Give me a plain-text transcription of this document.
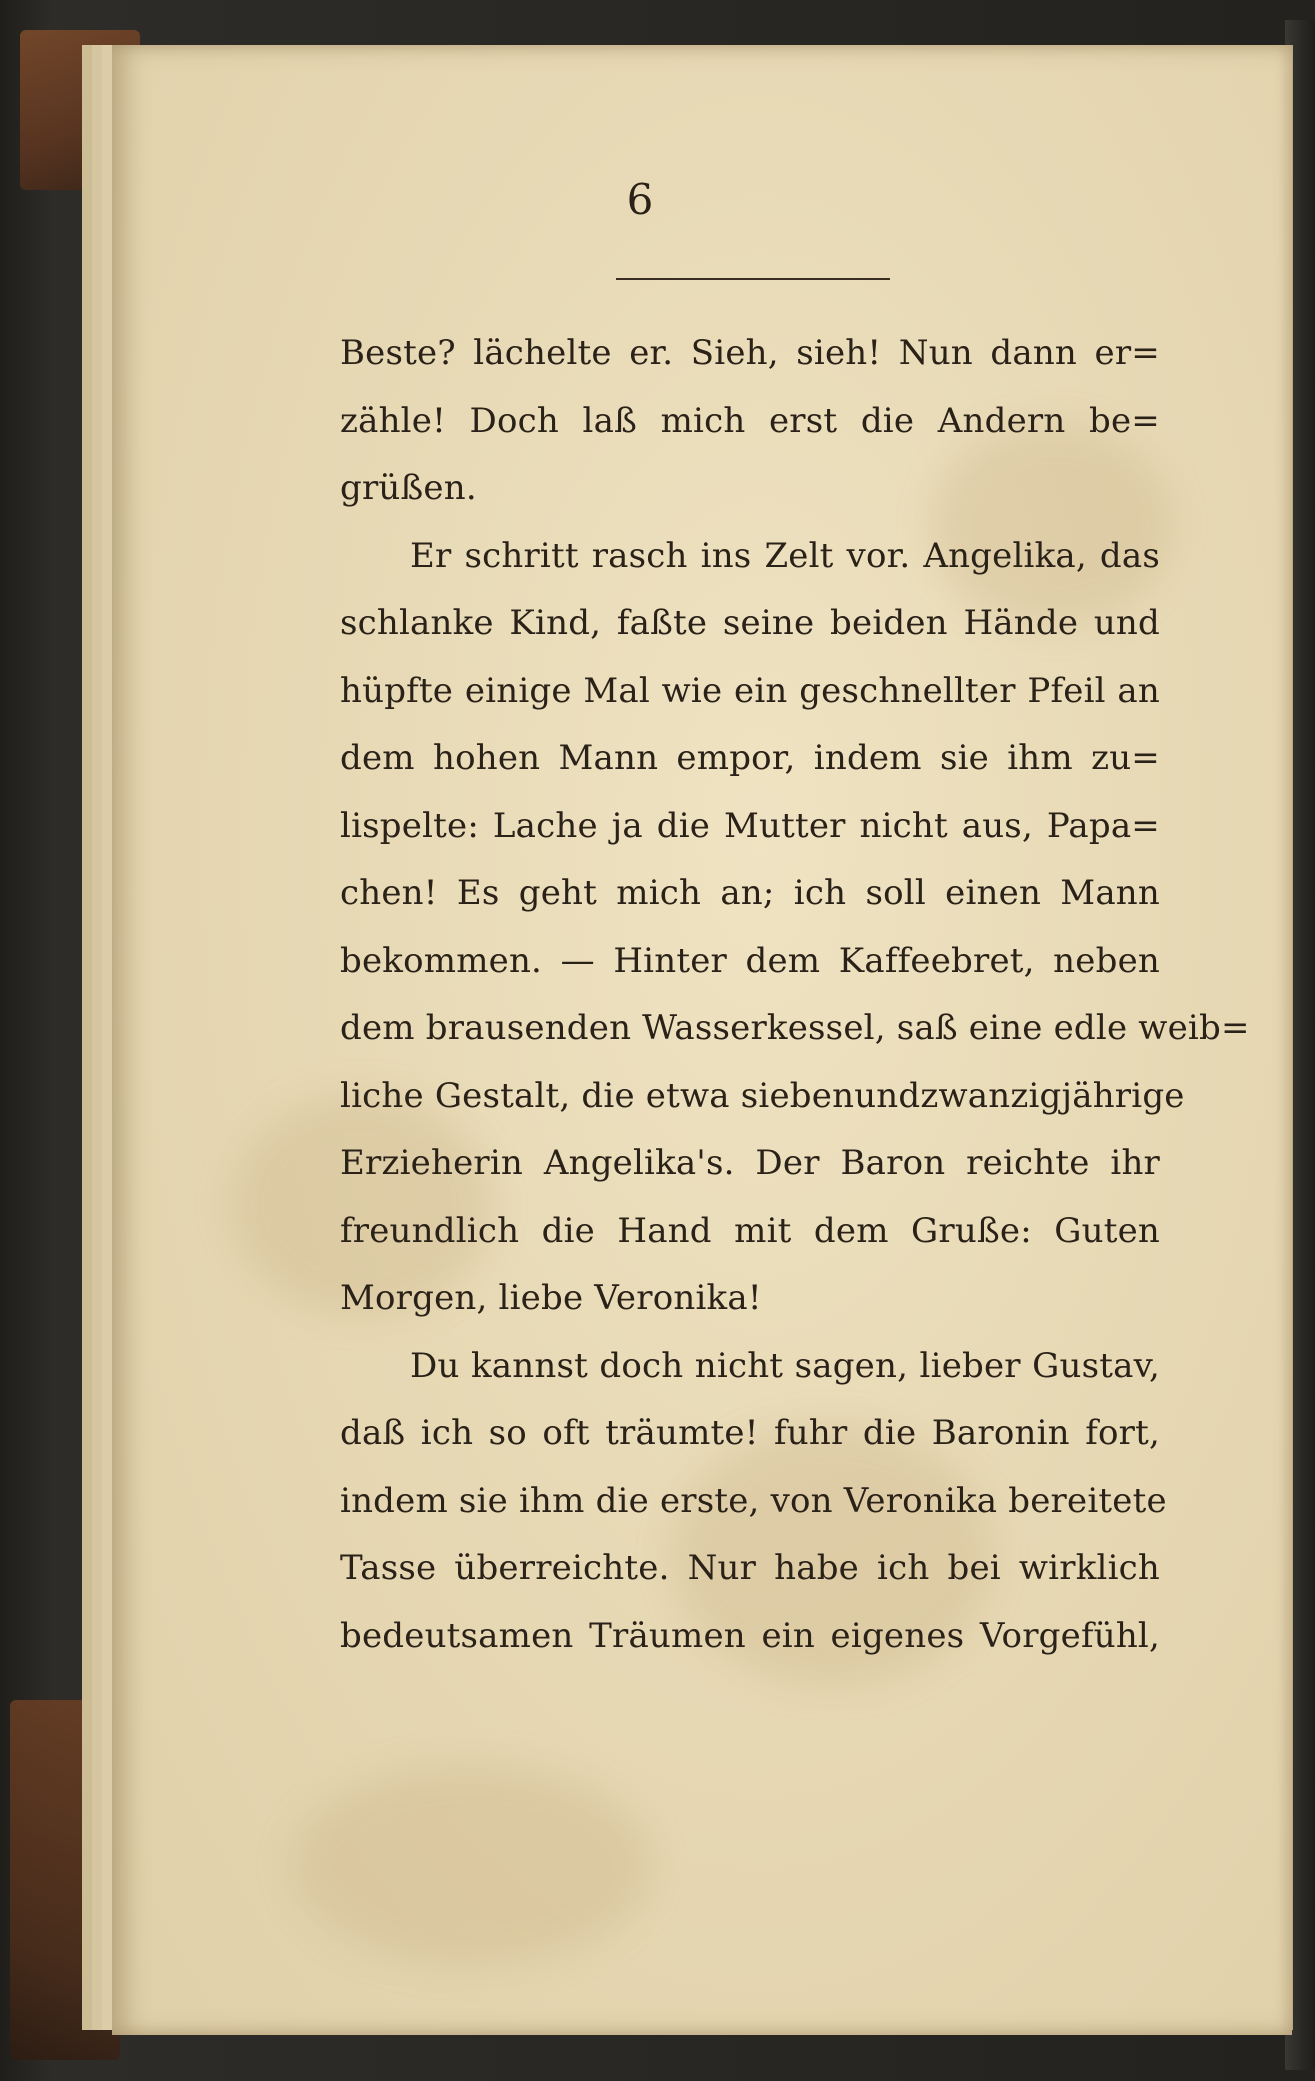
6
Beste? lächelte er. Sieh, sieh! Nun dann er=
zähle! Doch laß mich erst die Andern be=
grüßen.
Er schritt rasch ins Zelt vor. Angelika, das
schlanke Kind, faßte seine beiden Hände und
hüpfte einige Mal wie ein geschnellter Pfeil an
dem hohen Mann empor, indem sie ihm zu=
lispelte: Lache ja die Mutter nicht aus, Papa=
chen! Es geht mich an; ich soll einen Mann
bekommen. — Hinter dem Kaffeebret, neben
dem brausenden Wasserkessel, saß eine edle weib=
liche Gestalt, die etwa siebenundzwanzigjährige
Erzieherin Angelika's. Der Baron reichte ihr
freundlich die Hand mit dem Gruße: Guten
Morgen, liebe Veronika!
Du kannst doch nicht sagen, lieber Gustav,
daß ich so oft träumte! fuhr die Baronin fort,
indem sie ihm die erste, von Veronika bereitete
Tasse überreichte. Nur habe ich bei wirklich
bedeutsamen Träumen ein eigenes Vorgefühl,
